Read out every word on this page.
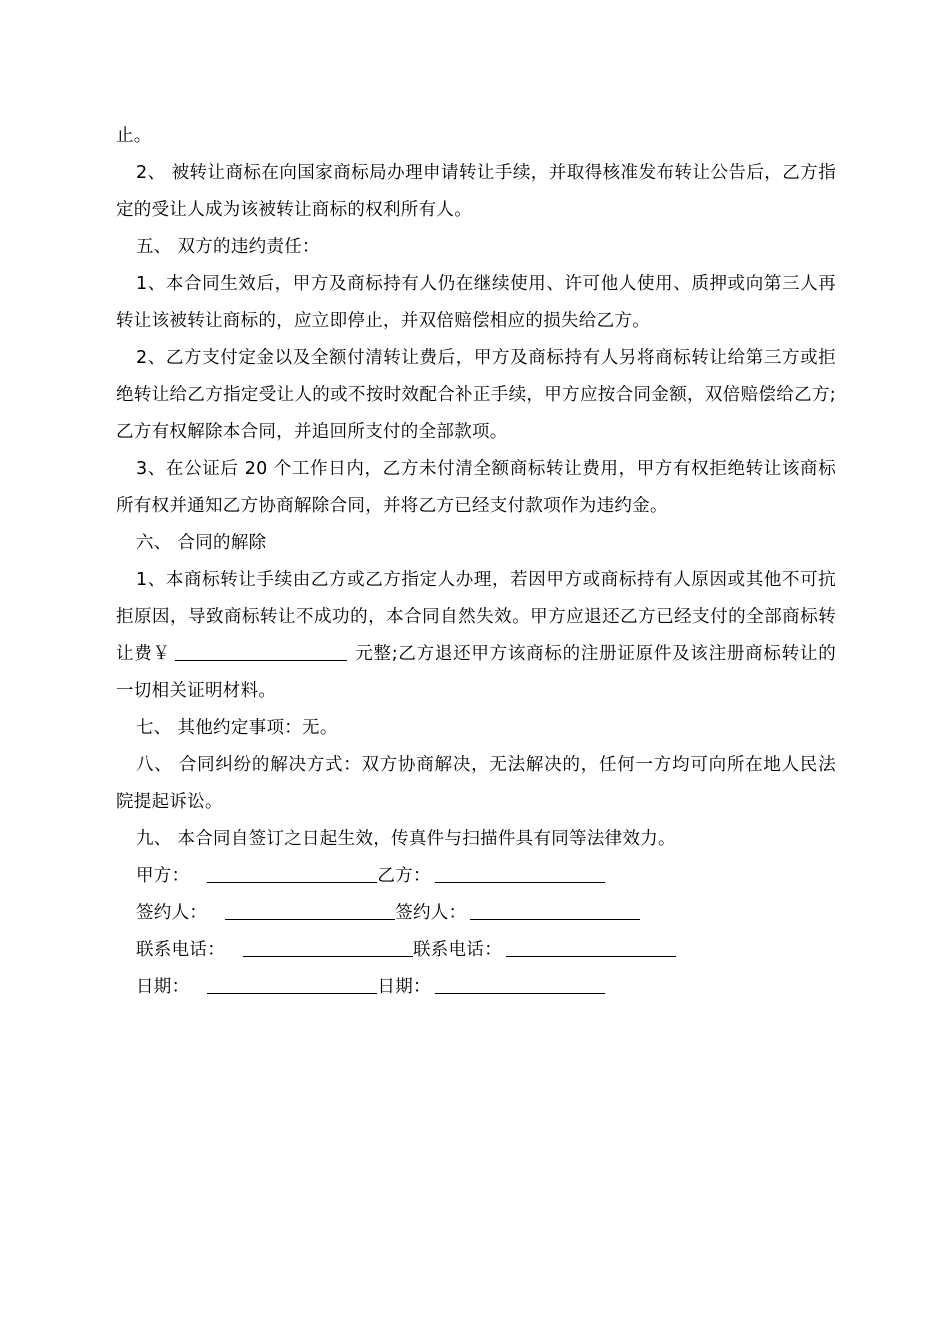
止。

2、 被转让商标在向国家商标局办理申请转让手续，并取得核准发布转让公告后，乙方指定的受让人成为该被转让商标的权利所有人。

五、 双方的违约责任：

1、本合同生效后，甲方及商标持有人仍在继续使用、许可他人使用、质押或向第三人再转让该被转让商标的，应立即停止，并双倍赔偿相应的损失给乙方。

2、乙方支付定金以及全额付清转让费后，甲方及商标持有人另将商标转让给第三方或拒绝转让给乙方指定受让人的或不按时效配合补正手续，甲方应按合同金额，双倍赔偿给乙方;乙方有权解除本合同，并追回所支付的全部款项。

3、在公证后 20 个工作日内，乙方未付清全额商标转让费用，甲方有权拒绝转让该商标所有权并通知乙方协商解除合同，并将乙方已经支付款项作为违约金。

六、 合同的解除

1、本商标转让手续由乙方或乙方指定人办理，若因甲方或商标持有人原因或其他不可抗拒原因，导致商标转让不成功的，本合同自然失效。甲方应退还乙方已经支付的全部商标转让费￥	元整;乙方退还甲方该商标的注册证原件及该注册商标转让的一切相关证明材料。

七、 其他约定事项：无。

八、 合同纠纷的解决方式：双方协商解决，无法解决的，任何一方均可向所在地人民法院提起诉讼。

九、 本合同自签订之日起生效，传真件与扫描件具有同等法律效力。

甲方：	乙方：
签约人：	签约人：
联系电话：	联系电话：
日期：	日期：
